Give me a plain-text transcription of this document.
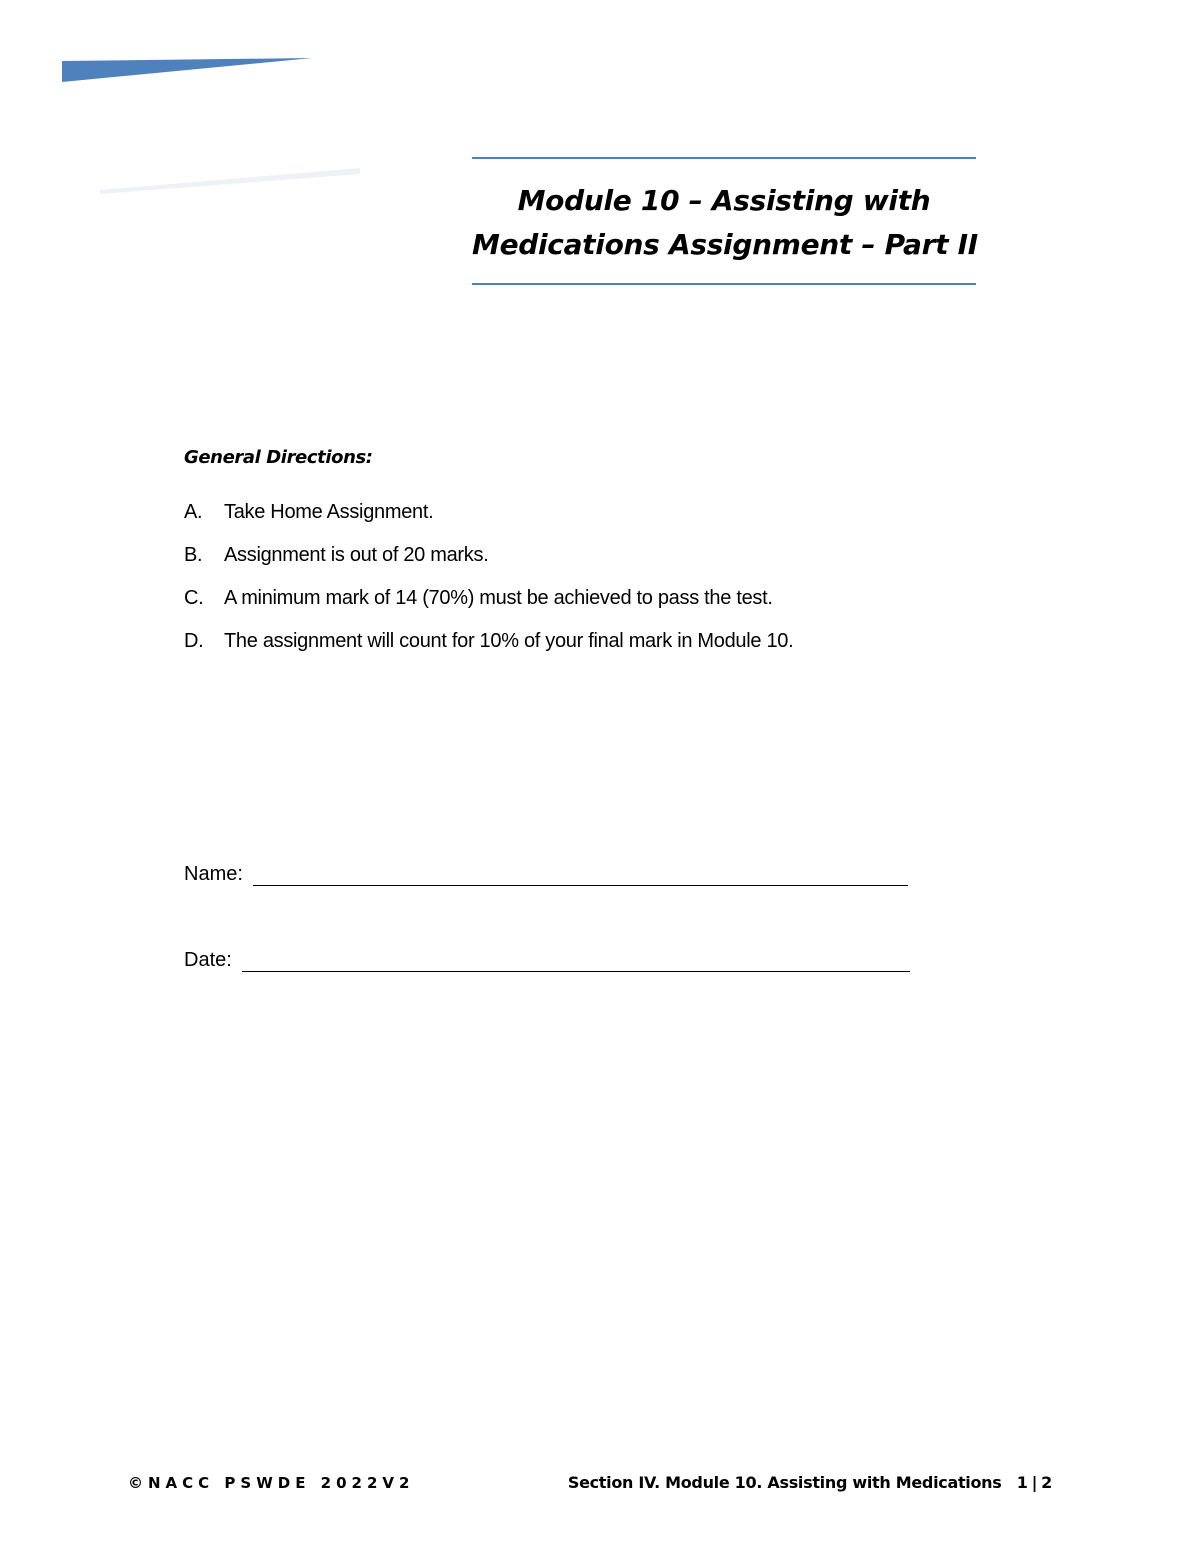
Module 10 – Assisting with
Medications Assignment – Part II
General Directions:
A.	Take Home Assignment.
B.	Assignment is out of 20 marks.
C.	A minimum mark of 14 (70%) must be achieved to pass the test.
D.	The assignment will count for 10% of your final mark in Module 10.
Name:
Date:
©NACC PSWDE 2022V2	Section IV. Module 10. Assisting with Medications 1 | 2
